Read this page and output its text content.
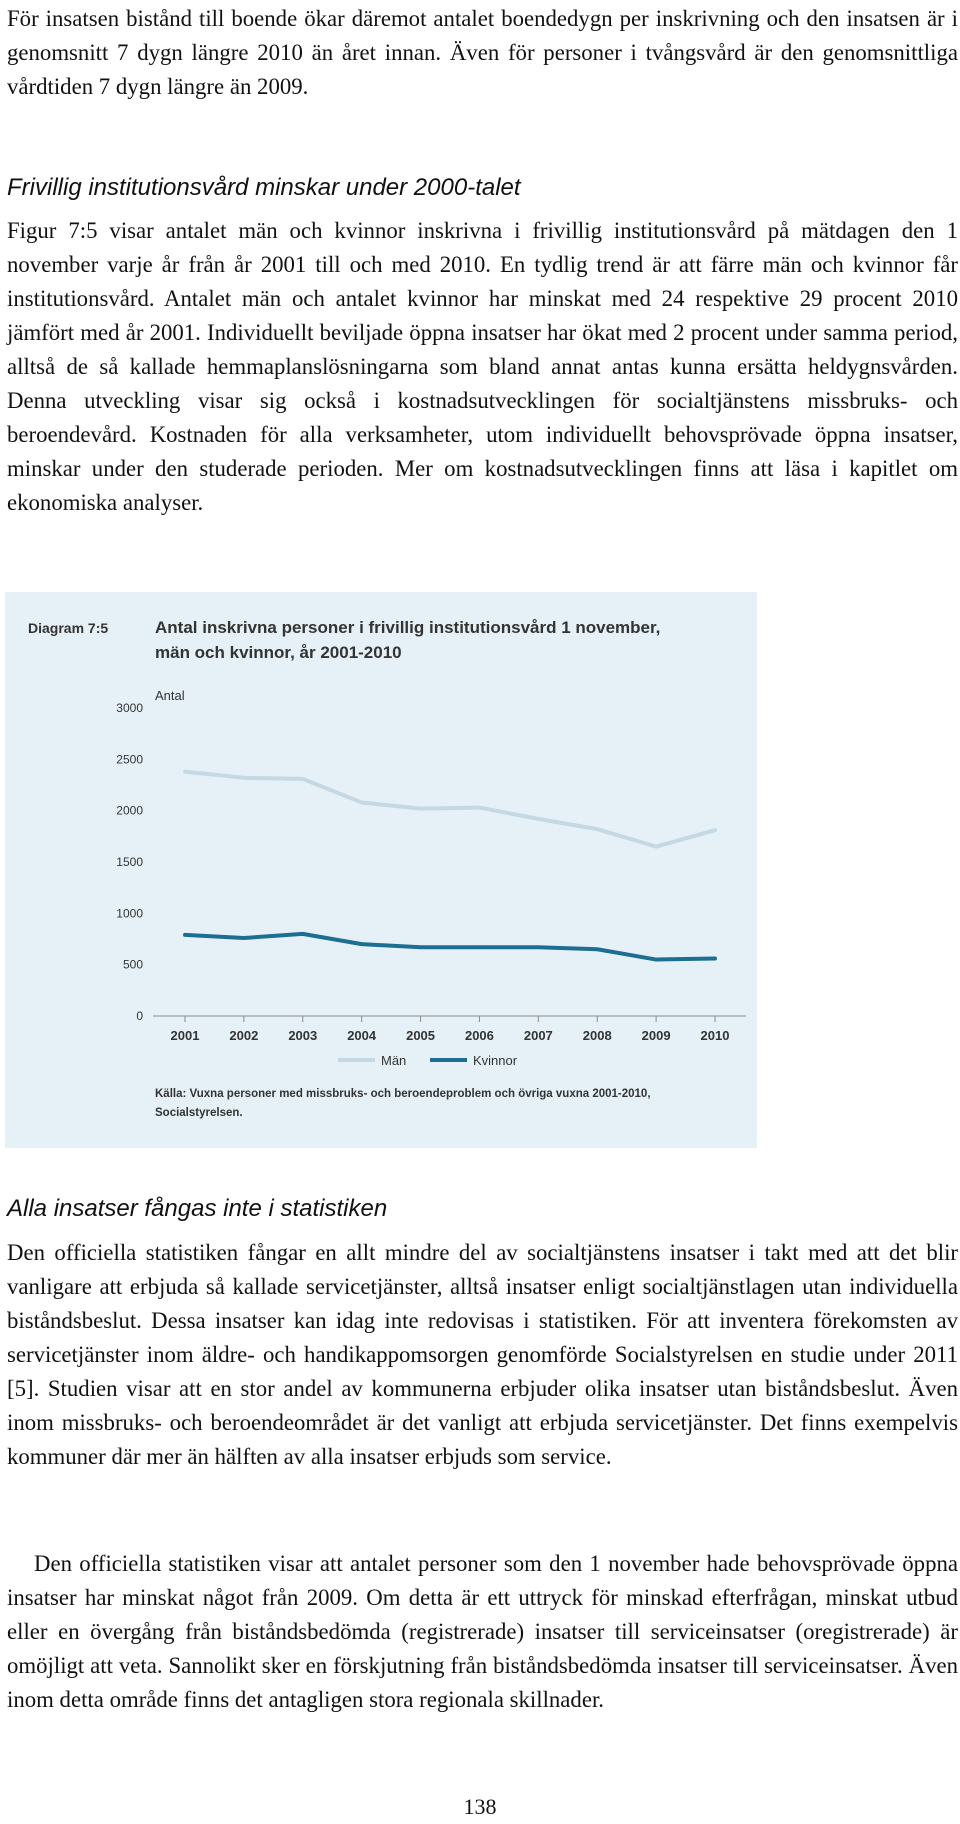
För insatsen bistånd till boende ökar däremot antalet boendedygn per inskrivning och den insatsen är i genomsnitt 7 dygn längre 2010 än året innan. Även för personer i tvångsvård är den genomsnittliga vårdtiden 7 dygn längre än 2009.

Frivillig institutionsvård minskar under 2000-talet

Figur 7:5 visar antalet män och kvinnor inskrivna i frivillig institutionsvård på mätdagen den 1 november varje år från år 2001 till och med 2010. En tydlig trend är att färre män och kvinnor får institutionsvård. Antalet män och antalet kvinnor har minskat med 24 respektive 29 procent 2010 jämfört med år 2001. Individuellt beviljade öppna insatser har ökat med 2 procent under samma period, alltså de så kallade hemmaplanslösningarna som bland annat antas kunna ersätta heldygnsvården. Denna utveckling visar sig också i kostnadsutvecklingen för socialtjänstens missbruks- och beroendevård. Kostnaden för alla verksamheter, utom individuellt behovsprövade öppna insatser, minskar under den studerade perioden. Mer om kostnadsutvecklingen finns att läsa i kapitlet om ekonomiska analyser.

Diagram 7:5	Antal inskrivna personer i frivillig institutionsvård 1 november,
män och kvinnor, år 2001-2010
Antal
0
500
1000
1500
2000
2500
3000
2001 2002 2003 2004 2005 2006 2007 2008 2009 2010
Män	Kvinnor
Källa: Vuxna personer med missbruks- och beroendeproblem och övriga vuxna 2001-2010,
Socialstyrelsen.
Alla insatser fångas inte i statistiken

Den officiella statistiken fångar en allt mindre del av socialtjänstens insatser i takt med att det blir vanligare att erbjuda så kallade servicetjänster, alltså insatser enligt socialtjänstlagen utan individuella biståndsbeslut. Dessa insatser kan idag inte redovisas i statistiken. För att inventera förekomsten av servicetjänster inom äldre- och handikappomsorgen genomförde Socialstyrelsen en studie under 2011 [5]. Studien visar att en stor andel av kommunerna erbjuder olika insatser utan biståndsbeslut. Även inom missbruks- och beroendeområdet är det vanligt att erbjuda servicetjänster. Det finns exempelvis kommuner där mer än hälften av alla insatser erbjuds som service.

Den officiella statistiken visar att antalet personer som den 1 november hade behovsprövade öppna insatser har minskat något från 2009. Om detta är ett uttryck för minskad efterfrågan, minskat utbud eller en övergång från biståndsbedömda (registrerade) insatser till serviceinsatser (oregistrerade) är omöjligt att veta. Sannolikt sker en förskjutning från biståndsbedömda insatser till serviceinsatser. Även inom detta område finns det antagligen stora regionala skillnader.

138
